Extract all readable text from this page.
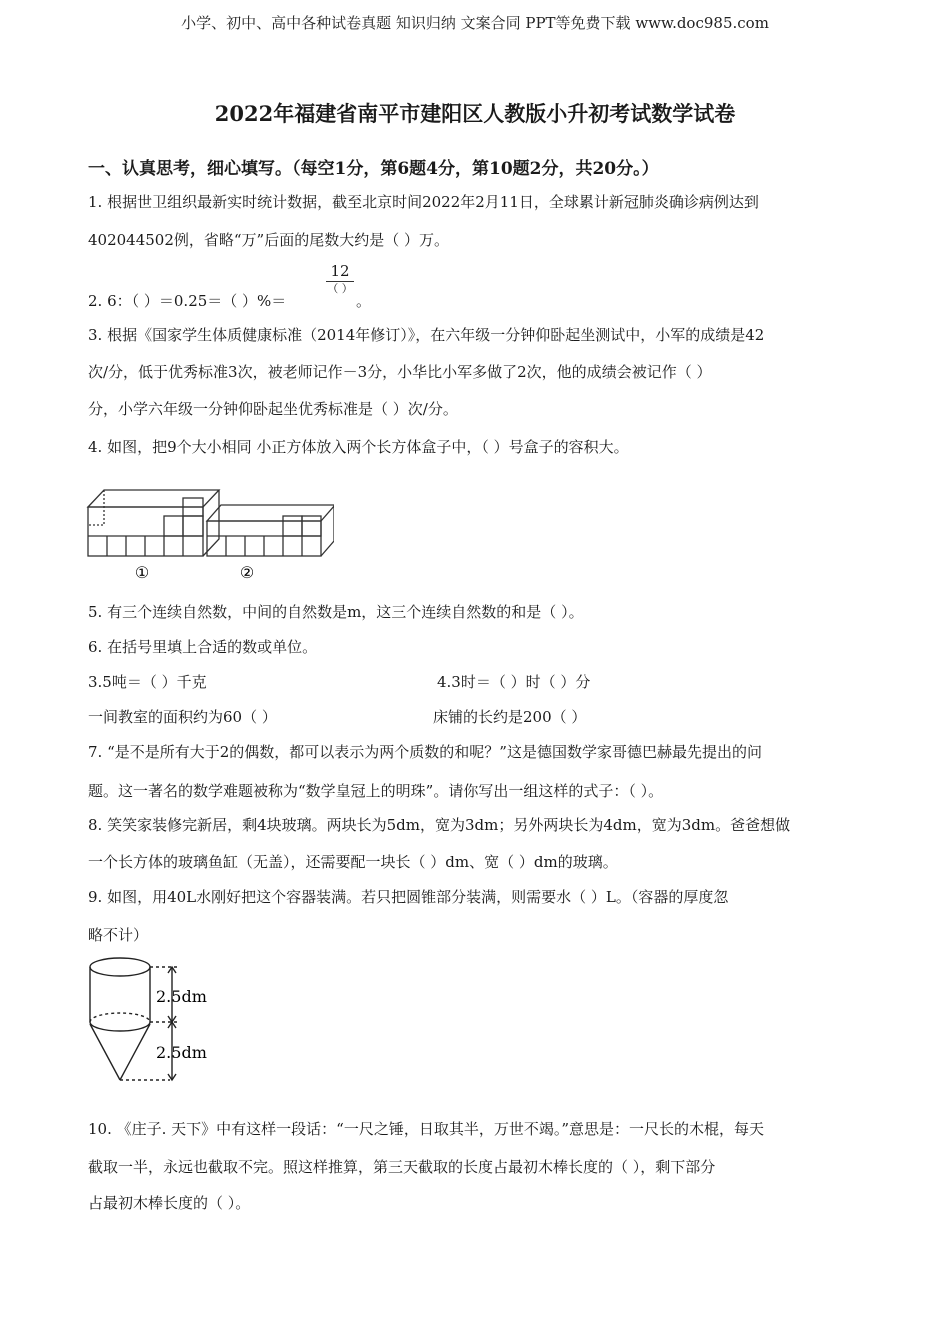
小学、初中、高中各种试卷真题 知识归纳 文案合同 PPT等免费下载 www.doc985.com
2022年福建省南平市建阳区人教版小升初考试数学试卷
一、认真思考，细心填写。（每空1分，第6题4分，第10题2分，共20分。）
1. 根据世卫组织最新实时统计数据，截至北京时间2022年2月11日，全球累计新冠肺炎确诊病例达到
402044502例，省略“万”后面的尾数大约是（ ）万。
2. 6：（ ）＝0.25＝（ ）%＝
12
（ ）
。
3. 根据《国家学生体质健康标准（2014年修订）》，在六年级一分钟仰卧起坐测试中，小军的成绩是42
次/分，低于优秀标准3次，被老师记作－3分，小华比小军多做了2次，他的成绩会被记作（ ）
分，小学六年级一分钟仰卧起坐优秀标准是（ ）次/分。
4. 如图，把9个大小相同 小正方体放入两个长方体盒子中，（ ）号盒子的容积大。
①	②
5. 有三个连续自然数，中间的自然数是m，这三个连续自然数的和是（ ）。
6. 在括号里填上合适的数或单位。
3.5吨＝（ ）千克	4.3时＝（ ）时（ ）分
一间教室的面积约为60（ ）	床铺的长约是200（ ）
7. “是不是所有大于2的偶数，都可以表示为两个质数的和呢？”这是德国数学家哥德巴赫最先提出的问
题。这一著名的数学难题被称为“数学皇冠上的明珠”。请你写出一组这样的式子：（ ）。
8. 笑笑家装修完新居，剩4块玻璃。两块长为5dm，宽为3dm；另外两块长为4dm，宽为3dm。爸爸想做
一个长方体的玻璃鱼缸（无盖），还需要配一块长（ ）dm、宽（ ）dm的玻璃。
9. 如图，用40L水刚好把这个容器装满。若只把圆锥部分装满，则需要水（ ）L。（容器的厚度忽
略不计）
2.5dm
2.5dm
10. 《庄子. 天下》中有这样一段话：“一尺之锤，日取其半，万世不竭。”意思是：一尺长的木棍，每天
截取一半，永远也截取不完。照这样推算，第三天截取的长度占最初木棒长度的（ ），剩下部分
占最初木棒长度的（ ）。
